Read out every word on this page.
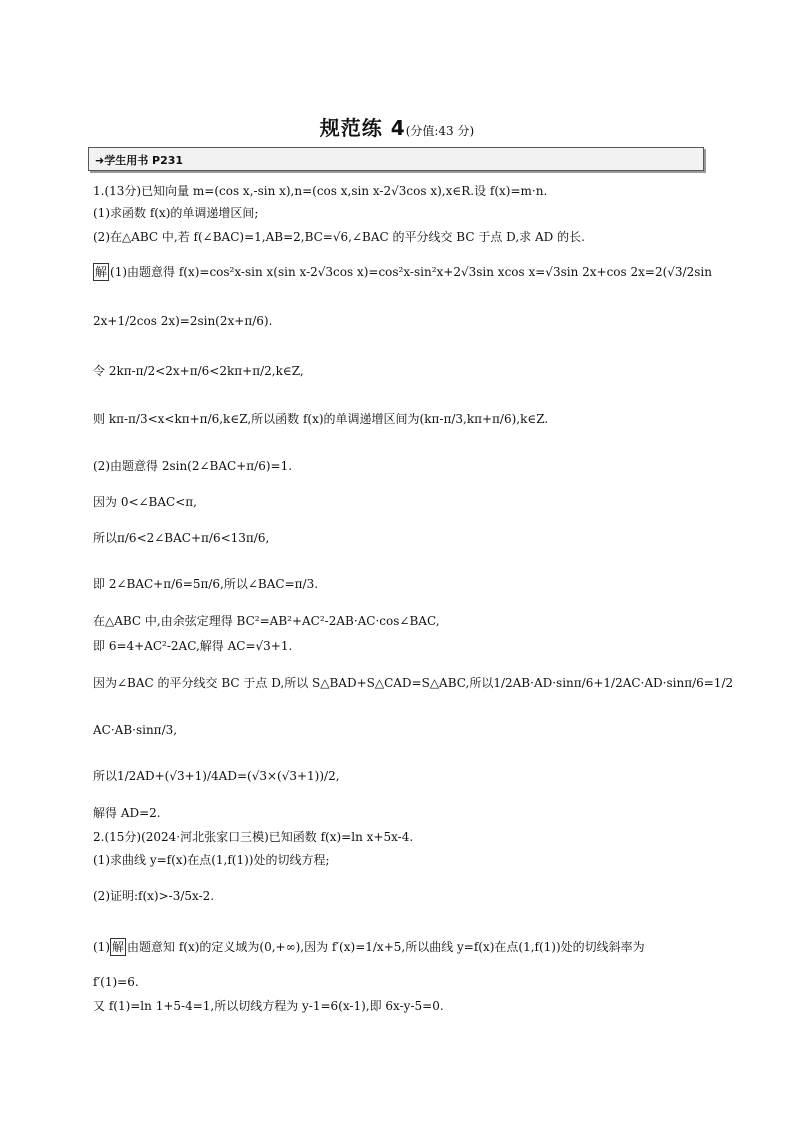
规范练 4(分值:43 分)
➜学生用书 P231
1.(13分)已知向量 m=(cos x,-sin x),n=(cos x,sin x-2√3cos x),x∈R.设 f(x)=m·n.
(1)求函数 f(x)的单调递增区间;
(2)在△ABC 中,若 f(∠BAC)=1,AB=2,BC=√6,∠BAC 的平分线交 BC 于点 D,求 AD 的长.
解 (1)由题意得 f(x)=cos²x-sin x(sin x-2√3cos x)=cos²x-sin²x+2√3sin xcos x=√3sin 2x+cos 2x=2(√3/2sin
2x+1/2cos 2x)=2sin(2x+π/6).
令 2kπ-π/2<2x+π/6<2kπ+π/2,k∈Z,
则 kπ-π/3<x<kπ+π/6,k∈Z,所以函数 f(x)的单调递增区间为(kπ-π/3,kπ+π/6),k∈Z.
(2)由题意得 2sin(2∠BAC+π/6)=1.
因为 0<∠BAC<π,
所以π/6<2∠BAC+π/6<13π/6,
即 2∠BAC+π/6=5π/6,所以∠BAC=π/3.
在△ABC 中,由余弦定理得 BC²=AB²+AC²-2AB·AC·cos∠BAC,
即 6=4+AC²-2AC,解得 AC=√3+1.
因为∠BAC 的平分线交 BC 于点 D,所以 S△BAD+S△CAD=S△ABC,所以1/2AB·AD·sinπ/6+1/2AC·AD·sinπ/6=1/2
AC·AB·sinπ/3,
所以1/2AD+(√3+1)/4AD=(√3×(√3+1))/2,
解得 AD=2.
2.(15分)(2024·河北张家口三模)已知函数 f(x)=ln x+5x-4.
(1)求曲线 y=f(x)在点(1,f(1))处的切线方程;
(2)证明:f(x)>-3/5x-2.
(1) 解 由题意知 f(x)的定义域为(0,+∞),因为 f′(x)=1/x+5,所以曲线 y=f(x)在点(1,f(1))处的切线斜率为
f′(1)=6.
又 f(1)=ln 1+5-4=1,所以切线方程为 y-1=6(x-1),即 6x-y-5=0.
